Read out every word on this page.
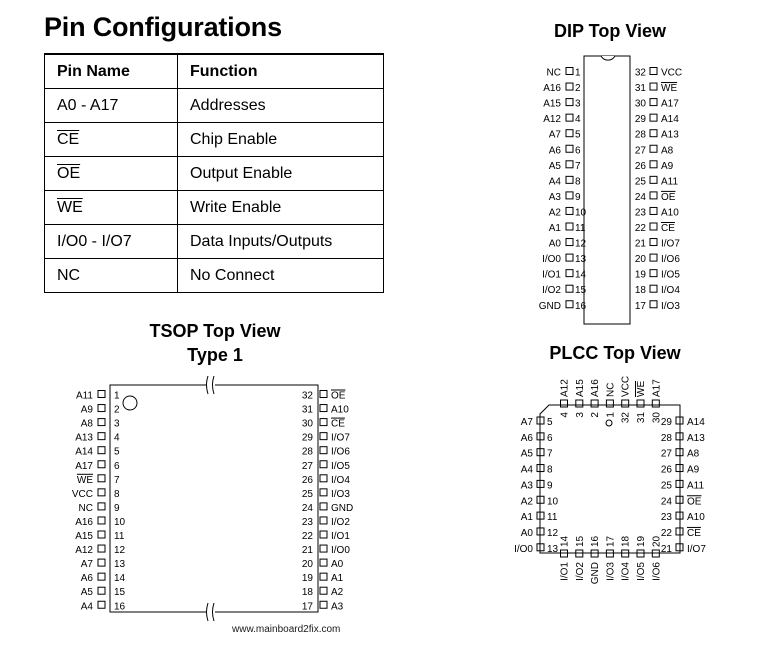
Pin Configurations
Pin Name	Function
A0 - A17	Addresses
$\overline{CE}$	Chip Enable
$\overline{OE}$	Output Enable
$\overline{WE}$	Write Enable
I/O0 - I/O7	Data Inputs/Outputs
NC	No Connect
DIP Top View
TSOP Top View
Type 1	PLCC Top View
NC 1
A16 2
A15 3
A12 4
A7 5
A6 6
A5 7
A4 8
A3 9
A2 10
A1 11
A0 12
I/O0 13
I/O1 14
I/O2 15
GND 16
VCC
32
WE
31
A17
30
A14
29
A13
28
A8
27
A9
26
A11
25
OE
24
A10
23
CE
22
I/O7
21
I/O6
20
I/O5
19
I/O4
18
I/O3
17
A11 1
A9 2
A8 3
A13 4
A14 5
A17 6
WE 7
VCC 8
NC 9
A16 10
A15 11
A12 12
A7 13
A6 14
A5 15
A4 16
OE
32
A10
31
CE
30
I/O7
29
I/O6
28
I/O5
27
I/O4
26
I/O3
25
GND
24
I/O2
23
I/O1
22
I/O0
21
A0
20
A1
19
A2
18
A3
17
A7 5
A6 6
A5 7
A4 8
A3 9
A2 10
A1 11
A0 12
I/O0 13
A14
29
A13
28
A8
27
A9
26
A11
25
OE
24
A10
23
CE
22
I/O7
21
A12
4
A15
3
A16
2
NC
1
VCC
32
WE
31
A17
30
I/O1
14
I/O2
15
GND
16
I/O3
17
I/O4
18
I/O5
19
I/O6
20
www.mainboard2fix.com
